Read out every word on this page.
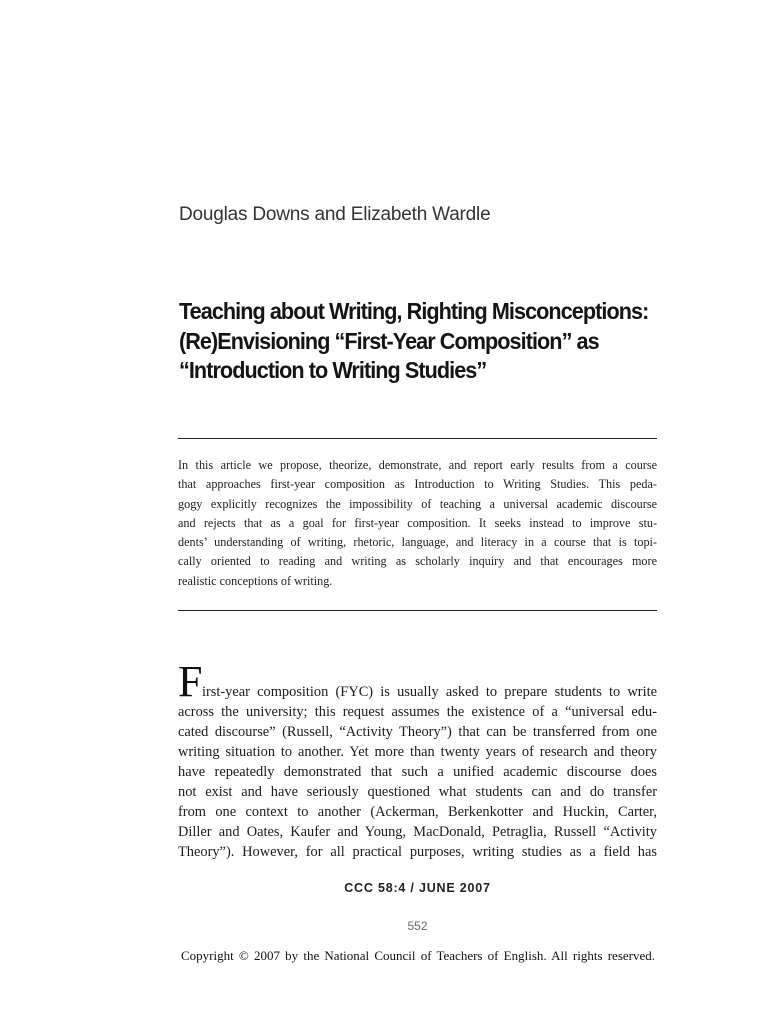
Douglas Downs and Elizabeth Wardle
Teaching about Writing, Righting Misconceptions:
(Re)Envisioning “First-Year Composition” as
“Introduction to Writing Studies”
In this article we propose, theorize, demonstrate, and report early results from a course
that approaches first-year composition as Introduction to Writing Studies. This peda-
gogy explicitly recognizes the impossibility of teaching a universal academic discourse
and rejects that as a goal for first-year composition. It seeks instead to improve stu-
dents’ understanding of writing, rhetoric, language, and literacy in a course that is topi-
cally oriented to reading and writing as scholarly inquiry and that encourages more
realistic conceptions of writing.
F irst-year composition (FYC) is usually asked to prepare students to write
across the university; this request assumes the existence of a “universal edu-
cated discourse” (Russell, “Activity Theory”) that can be transferred from one
writing situation to another. Yet more than twenty years of research and theory
have repeatedly demonstrated that such a unified academic discourse does
not exist and have seriously questioned what students can and do transfer
from one context to another (Ackerman, Berkenkotter and Huckin, Carter,
Diller and Oates, Kaufer and Young, MacDonald, Petraglia, Russell “Activity
Theory”). However, for all practical purposes, writing studies as a field has
CCC 58:4 / JUNE 2007
552
Copyright © 2007 by the National Council of Teachers of English. All rights reserved.
